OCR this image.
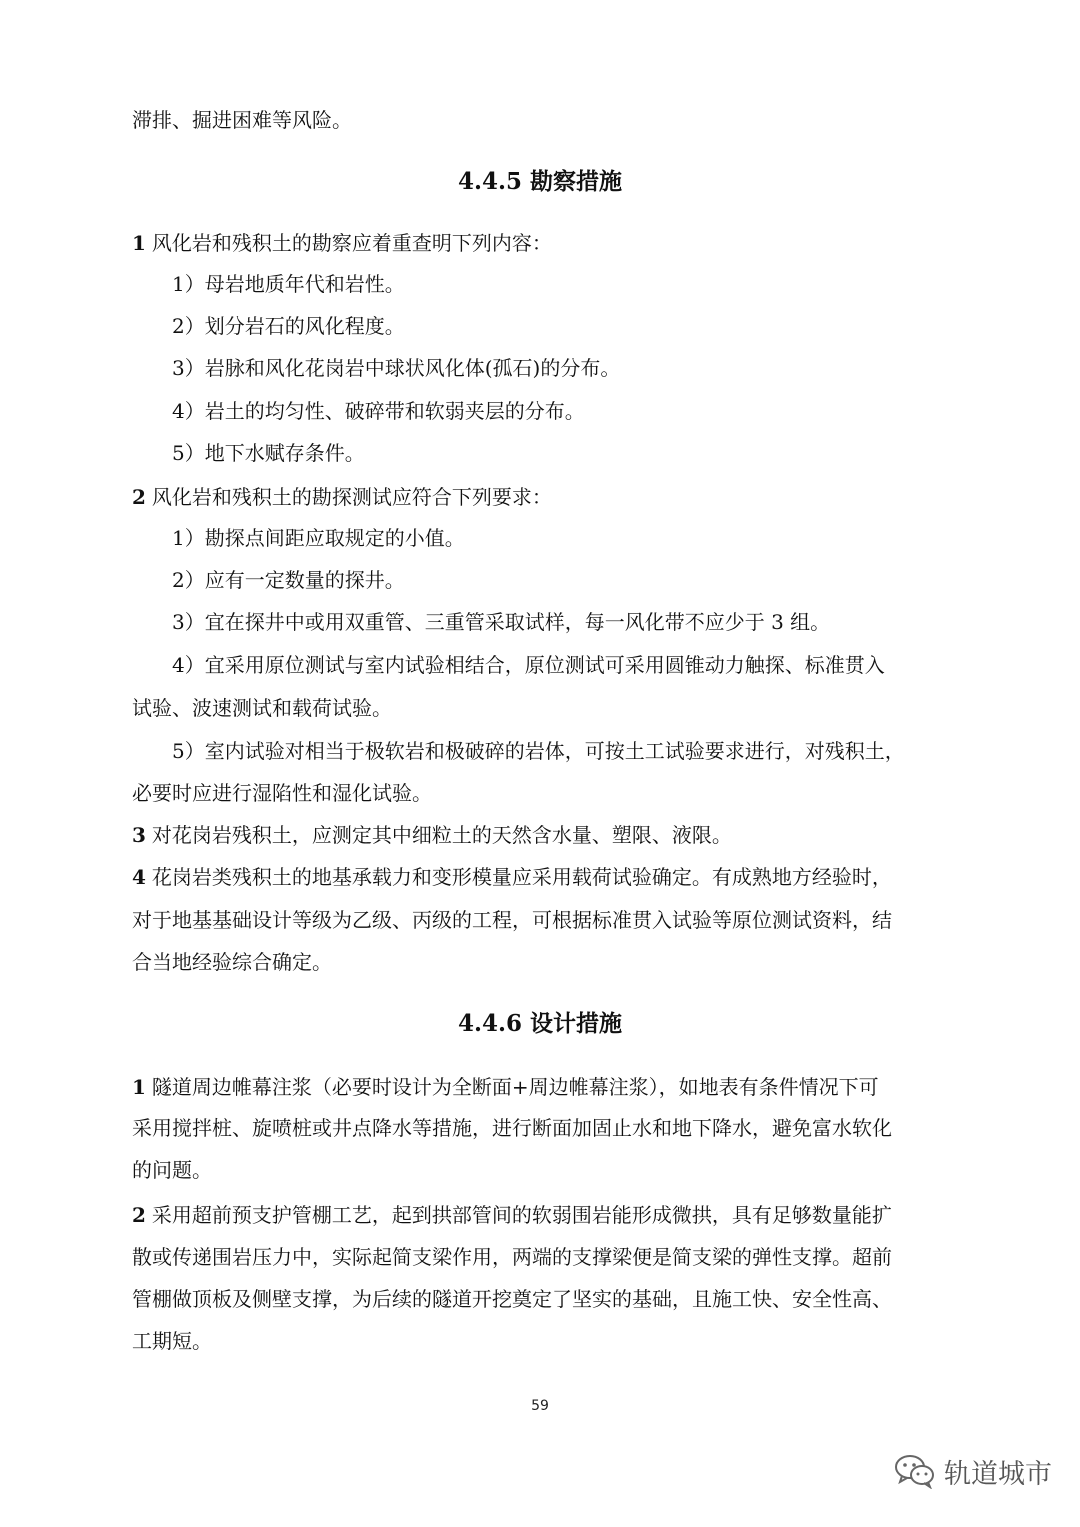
滞排、掘进困难等风险。
4.4.5 勘察措施
1 风化岩和残积土的勘察应着重查明下列内容：
1）母岩地质年代和岩性。
2）划分岩石的风化程度。
3）岩脉和风化花岗岩中球状风化体(孤石)的分布。
4）岩土的均匀性、破碎带和软弱夹层的分布。
5）地下水赋存条件。
2 风化岩和残积土的勘探测试应符合下列要求：
1）勘探点间距应取规定的小值。
2）应有一定数量的探井。
3）宜在探井中或用双重管、三重管采取试样，每一风化带不应少于 3 组。
4）宜采用原位测试与室内试验相结合，原位测试可采用圆锥动力触探、标准贯入
试验、波速测试和载荷试验。
5）室内试验对相当于极软岩和极破碎的岩体，可按土工试验要求进行，对残积土，
必要时应进行湿陷性和湿化试验。
3 对花岗岩残积土，应测定其中细粒土的天然含水量、塑限、液限。
4 花岗岩类残积土的地基承载力和变形模量应采用载荷试验确定。有成熟地方经验时，
对于地基基础设计等级为乙级、丙级的工程，可根据标准贯入试验等原位测试资料，结
合当地经验综合确定。
4.4.6 设计措施
1 隧道周边帷幕注浆（必要时设计为全断面+周边帷幕注浆），如地表有条件情况下可
采用搅拌桩、旋喷桩或井点降水等措施，进行断面加固止水和地下降水，避免富水软化
的问题。
2 采用超前预支护管棚工艺，起到拱部管间的软弱围岩能形成微拱，具有足够数量能扩
散或传递围岩压力中，实际起简支梁作用，两端的支撑梁便是简支梁的弹性支撑。超前
管棚做顶板及侧壁支撑，为后续的隧道开挖奠定了坚实的基础，且施工快、安全性高、
工期短。
59
轨道城市
